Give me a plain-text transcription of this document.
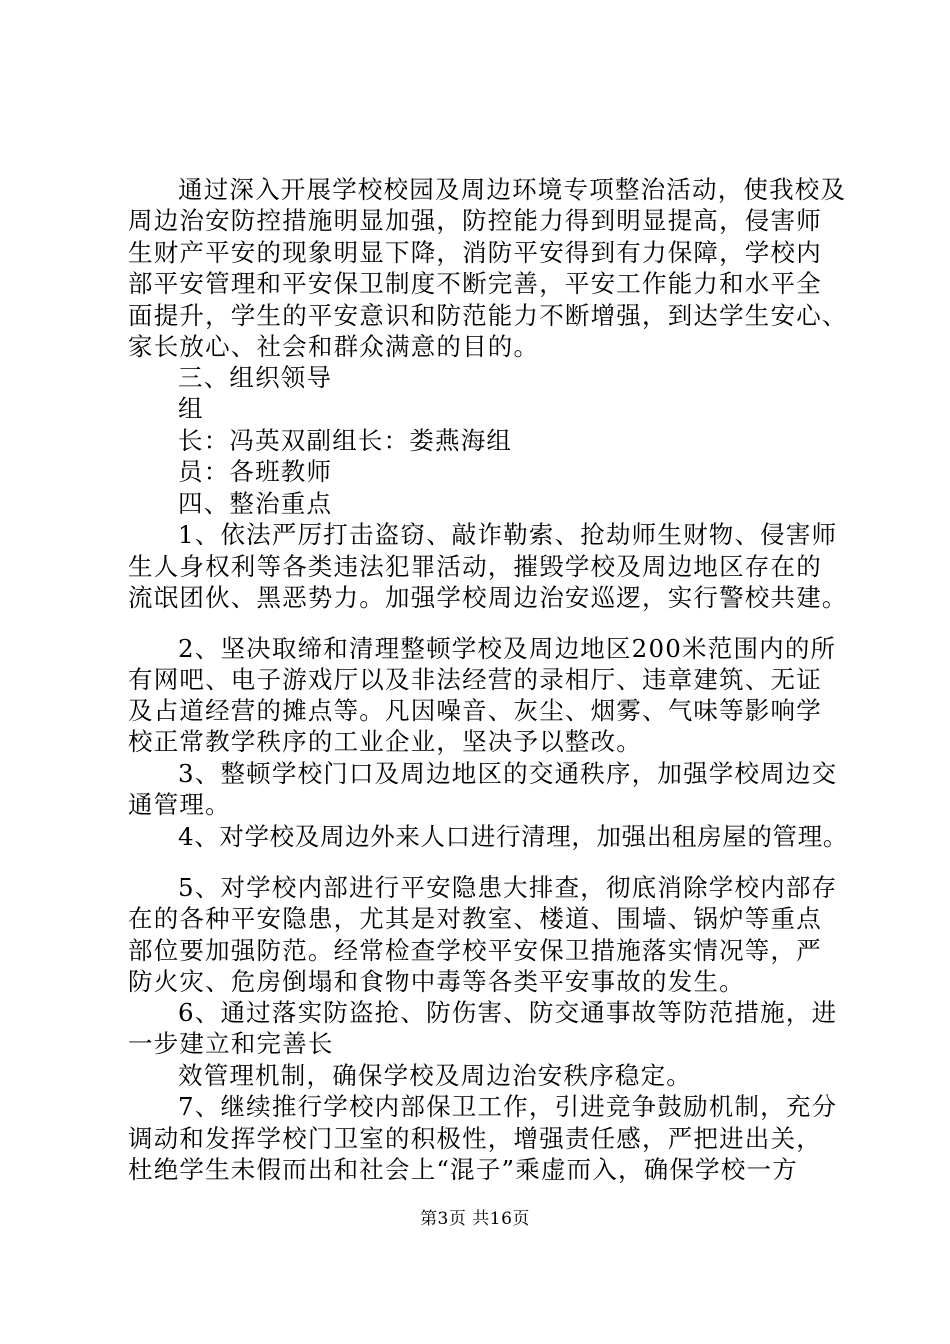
通过深入开展学校校园及周边环境专项整治活动，使我校及
周边治安防控措施明显加强，防控能力得到明显提高，侵害师
生财产平安的现象明显下降，消防平安得到有力保障，学校内
部平安管理和平安保卫制度不断完善，平安工作能力和水平全
面提升，学生的平安意识和防范能力不断增强，到达学生安心、
家长放心、社会和群众满意的目的。
三、组织领导
组
长：冯英双副组长：娄燕海组
员：各班教师
四、整治重点
1、依法严厉打击盗窃、敲诈勒索、抢劫师生财物、侵害师
生人身权利等各类违法犯罪活动，摧毁学校及周边地区存在的
流氓团伙、黑恶势力。加强学校周边治安巡逻，实行警校共建。
2、坚决取缔和清理整顿学校及周边地区200米范围内的所
有网吧、电子游戏厅以及非法经营的录相厅、违章建筑、无证
及占道经营的摊点等。凡因噪音、灰尘、烟雾、气味等影响学
校正常教学秩序的工业企业，坚决予以整改。
3、整顿学校门口及周边地区的交通秩序，加强学校周边交
通管理。
4、对学校及周边外来人口进行清理，加强出租房屋的管理。
5、对学校内部进行平安隐患大排查，彻底消除学校内部存
在的各种平安隐患，尤其是对教室、楼道、围墙、锅炉等重点
部位要加强防范。经常检查学校平安保卫措施落实情况等，严
防火灾、危房倒塌和食物中毒等各类平安事故的发生。
6、通过落实防盗抢、防伤害、防交通事故等防范措施，进
一步建立和完善长
效管理机制，确保学校及周边治安秩序稳定。
7、继续推行学校内部保卫工作，引进竞争鼓励机制，充分
调动和发挥学校门卫室的积极性，增强责任感，严把进出关，
杜绝学生未假而出和社会上“混子”乘虚而入，确保学校一方
第3页 共16页
